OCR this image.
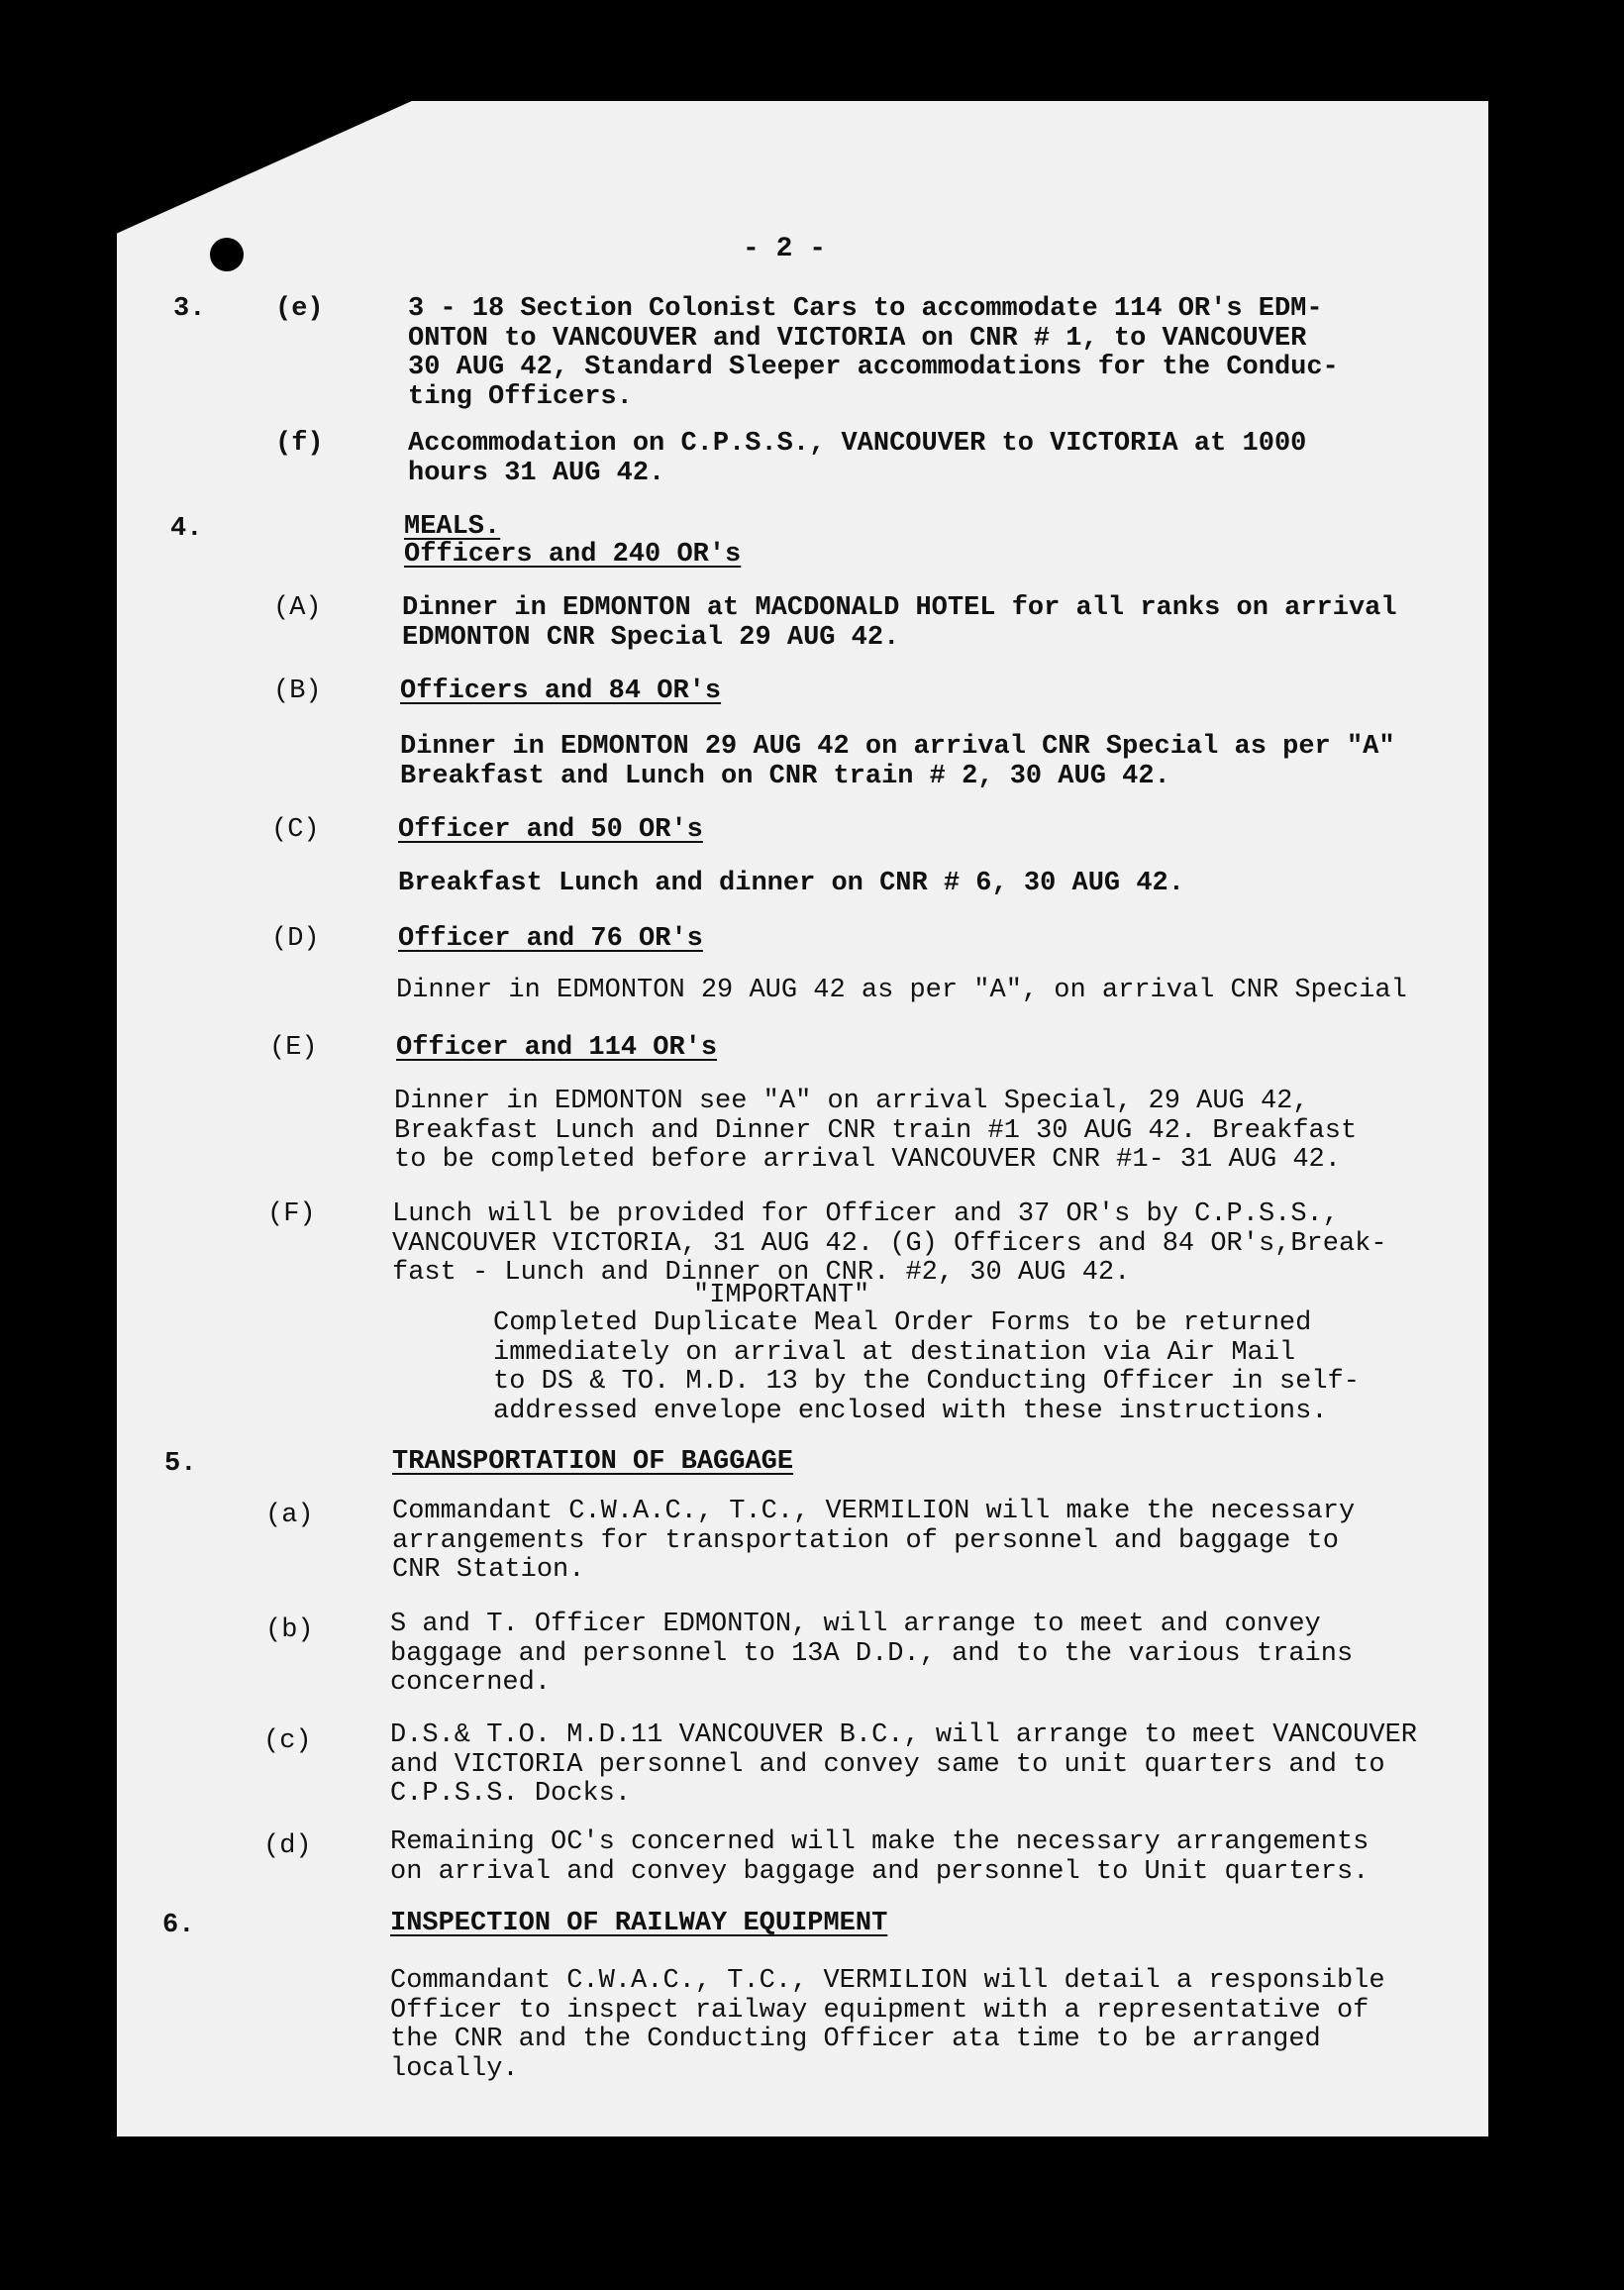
- 2 -
3.	(e)	3 - 18 Section Colonist Cars to accommodate 114 OR's EDM-
ONTON to VANCOUVER and VICTORIA on CNR # 1, to VANCOUVER
30 AUG 42, Standard Sleeper accommodations for the Conduc-
ting Officers.
(f)	Accommodation on C.P.S.S., VANCOUVER to VICTORIA at 1000
hours 31 AUG 42.
4.	MEALS.
Officers and 240 OR's
(A)	Dinner in EDMONTON at MACDONALD HOTEL for all ranks on arrival
EDMONTON CNR Special 29 AUG 42.
(B)	Officers and 84 OR's
Dinner in EDMONTON 29 AUG 42 on arrival CNR Special as per "A"
Breakfast and Lunch on CNR train # 2, 30 AUG 42.
(C)	Officer and 50 OR's
Breakfast Lunch and dinner on CNR # 6, 30 AUG 42.
(D)	Officer and 76 OR's
Dinner in EDMONTON 29 AUG 42 as per "A", on arrival CNR Special
(E)	Officer and 114 OR's
Dinner in EDMONTON see "A" on arrival Special, 29 AUG 42,
Breakfast Lunch and Dinner CNR train #1 30 AUG 42. Breakfast
to be completed before arrival VANCOUVER CNR #1- 31 AUG 42.
(F)	Lunch will be provided for Officer and 37 OR's by C.P.S.S.,
VANCOUVER VICTORIA, 31 AUG 42. (G) Officers and 84 OR's,Break-
fast - Lunch and Dinner on CNR. #2, 30 AUG 42.
"IMPORTANT"
Completed Duplicate Meal Order Forms to be returned
immediately on arrival at destination via Air Mail
to DS & TO. M.D. 13 by the Conducting Officer in self-
addressed envelope enclosed with these instructions.
5.	TRANSPORTATION OF BAGGAGE
(a)	Commandant C.W.A.C., T.C., VERMILION will make the necessary
arrangements for transportation of personnel and baggage to
CNR Station.
(b)	S and T. Officer EDMONTON, will arrange to meet and convey
baggage and personnel to 13A D.D., and to the various trains
concerned.
(c)	D.S.& T.O. M.D.11 VANCOUVER B.C., will arrange to meet VANCOUVER
and VICTORIA personnel and convey same to unit quarters and to
C.P.S.S. Docks.
(d)	Remaining OC's concerned will make the necessary arrangements
on arrival and convey baggage and personnel to Unit quarters.
6.	INSPECTION OF RAILWAY EQUIPMENT
Commandant C.W.A.C., T.C., VERMILION will detail a responsible
Officer to inspect railway equipment with a representative of
the CNR and the Conducting Officer ata time to be arranged
locally.
